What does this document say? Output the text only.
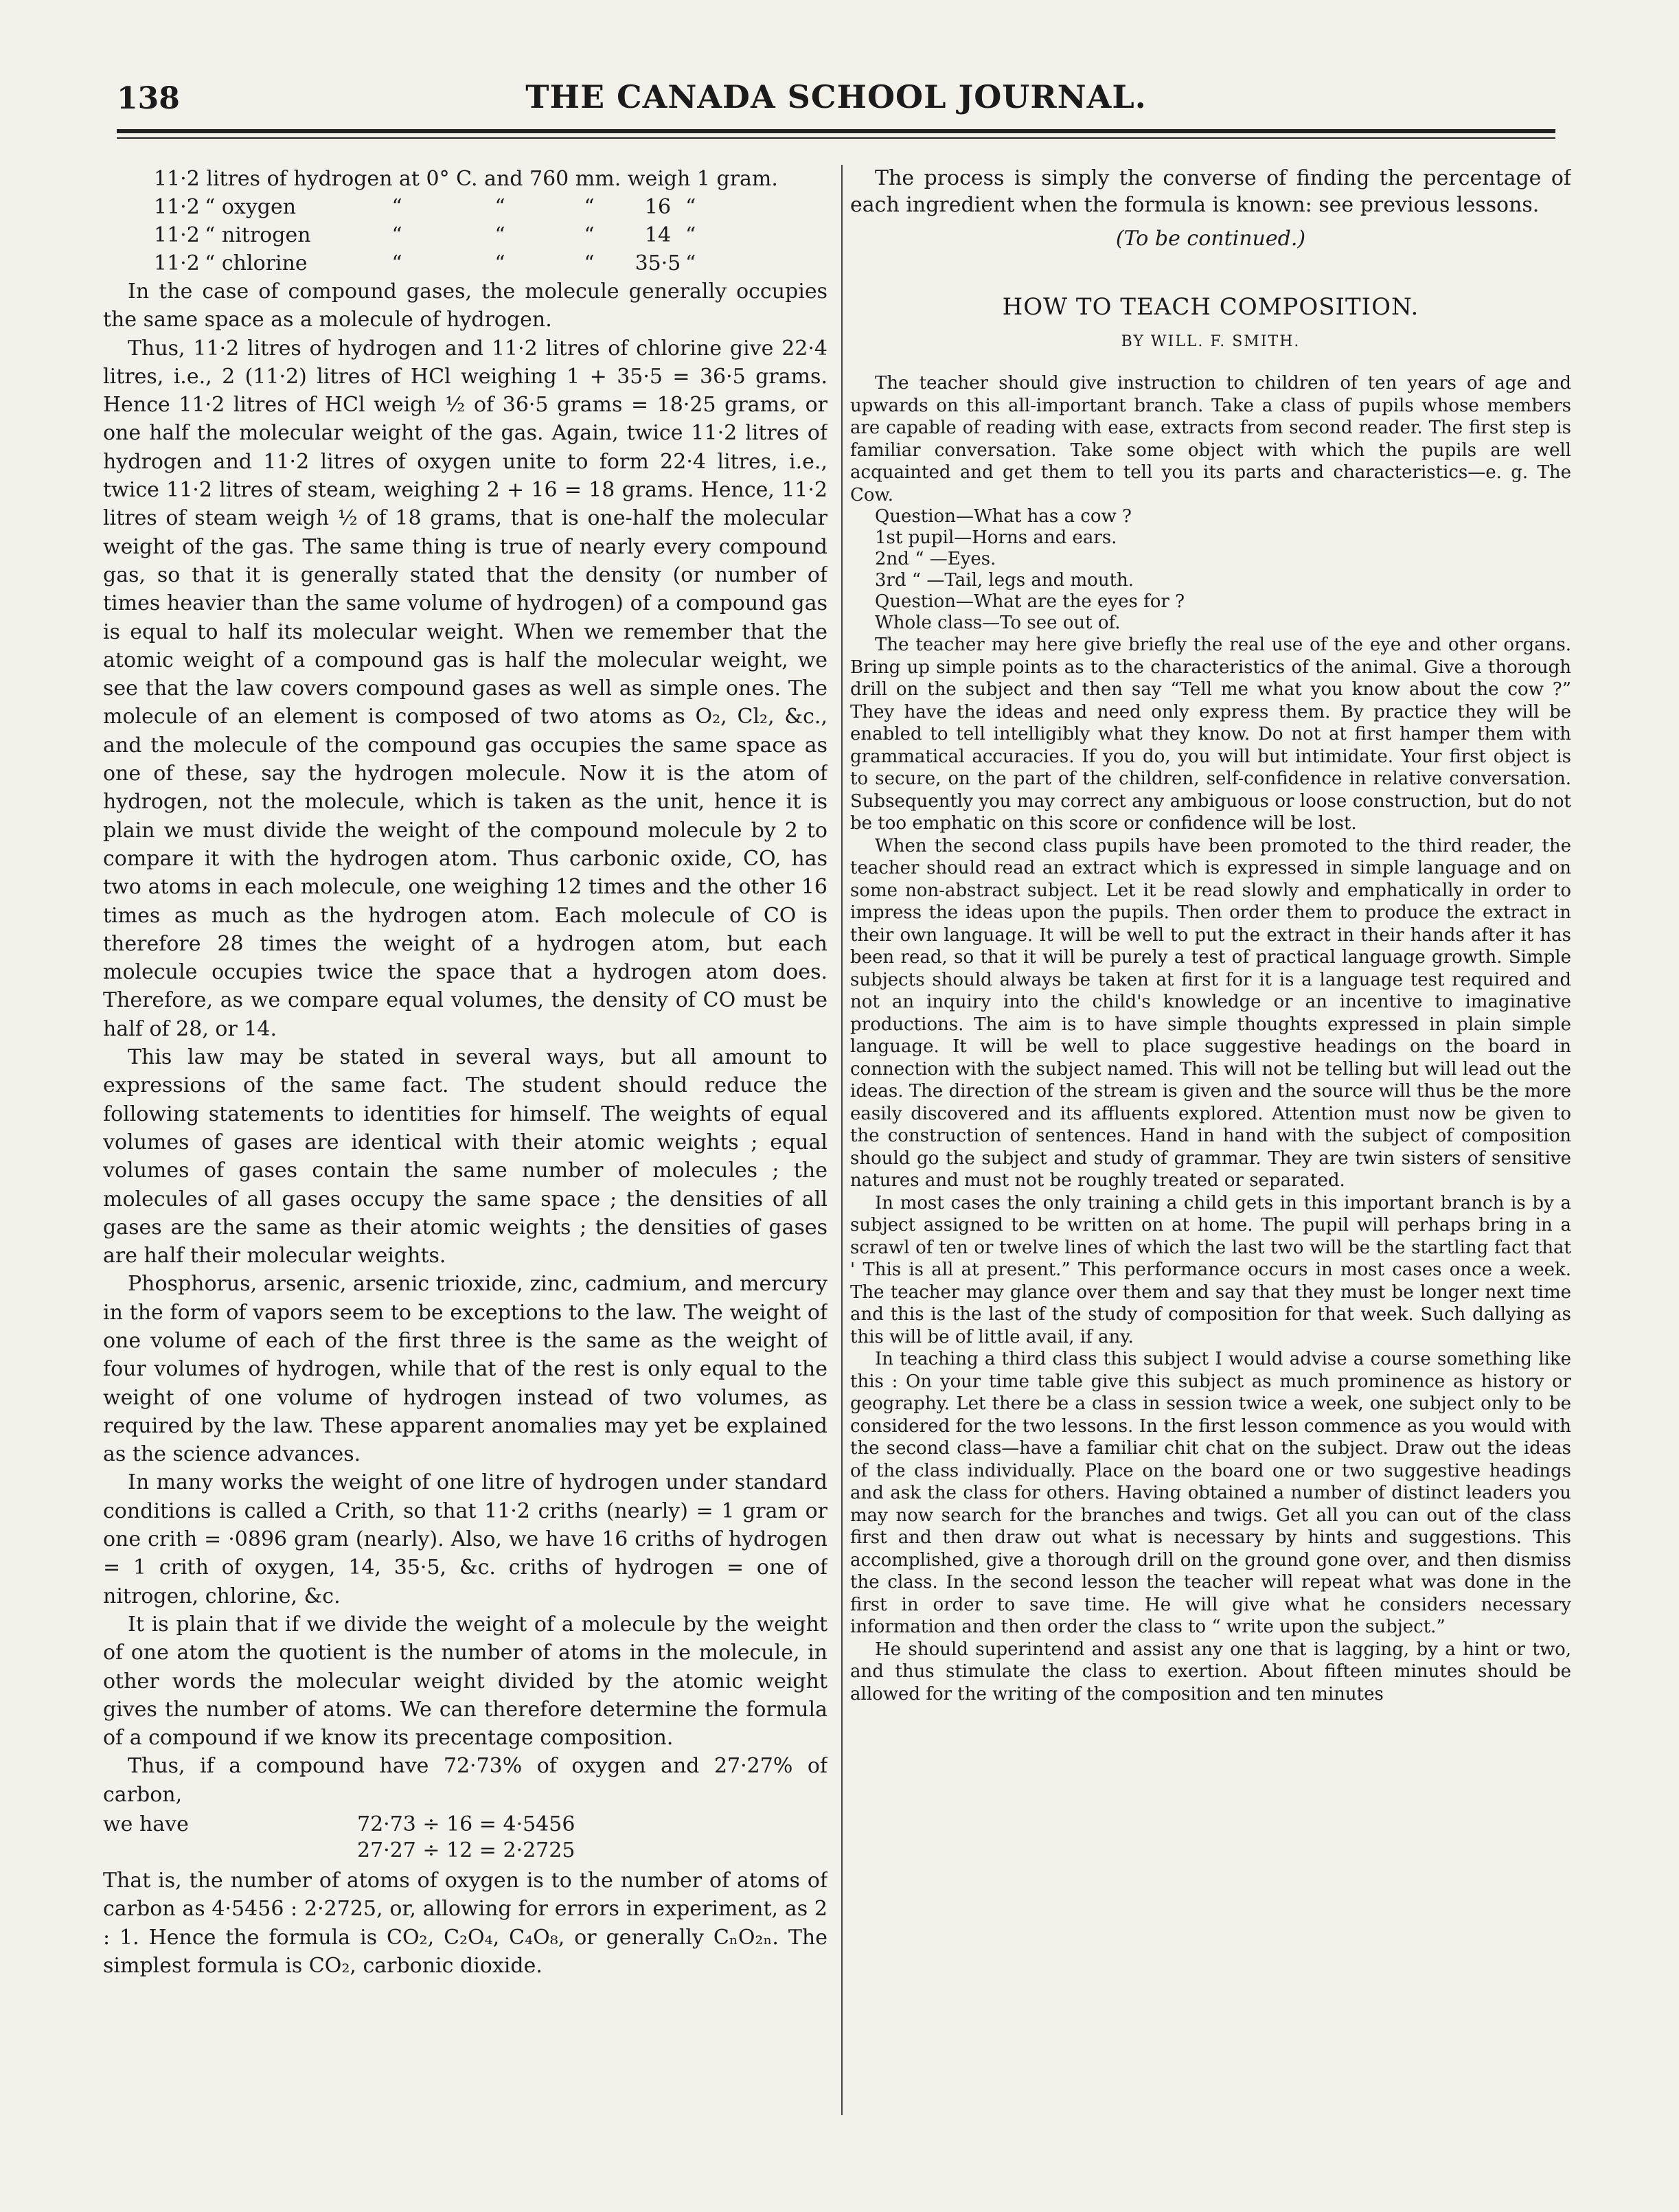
138	THE CANADA SCHOOL JOURNAL.
11·2 litres of hydrogen at 0° C. and 760 mm. weigh 1 gram.						
11·2	“ oxygen	“	“	“	16	“
11·2	“ nitrogen	“	“	“	14	“
11·2	“ chlorine	“	“	“	35·5	“

In the case of compound gases, the molecule generally occupies the same space as a molecule of hydrogen.

Thus, 11·2 litres of hydrogen and 11·2 litres of chlorine give 22·4 litres, i.e., 2 (11·2) litres of HCl weighing 1 + 35·5 = 36·5 grams. Hence 11·2 litres of HCl weigh ½ of 36·5 grams = 18·25 grams, or one half the molecular weight of the gas. Again, twice 11·2 litres of hydrogen and 11·2 litres of oxygen unite to form 22·4 litres, i.e., twice 11·2 litres of steam, weighing 2 + 16 = 18 grams. Hence, 11·2 litres of steam weigh ½ of 18 grams, that is one-half the molecular weight of the gas. The same thing is true of nearly every compound gas, so that it is generally stated that the density (or number of times heavier than the same volume of hydrogen) of a compound gas is equal to half its molecular weight. When we remember that the atomic weight of a compound gas is half the molecular weight, we see that the law covers compound gases as well as simple ones. The molecule of an element is composed of two atoms as O₂, Cl₂, &c., and the molecule of the compound gas occupies the same space as one of these, say the hydrogen molecule. Now it is the atom of hydrogen, not the molecule, which is taken as the unit, hence it is plain we must divide the weight of the compound molecule by 2 to compare it with the hydrogen atom. Thus carbonic oxide, CO, has two atoms in each molecule, one weighing 12 times and the other 16 times as much as the hydrogen atom. Each molecule of CO is therefore 28 times the weight of a hydrogen atom, but each molecule occupies twice the space that a hydrogen atom does. Therefore, as we compare equal volumes, the density of CO must be half of 28, or 14.

This law may be stated in several ways, but all amount to expressions of the same fact. The student should reduce the following statements to identities for himself. The weights of equal volumes of gases are identical with their atomic weights ; equal volumes of gases contain the same number of molecules ; the molecules of all gases occupy the same space ; the densities of all gases are the same as their atomic weights ; the densities of gases are half their molecular weights.

Phosphorus, arsenic, arsenic trioxide, zinc, cadmium, and mercury in the form of vapors seem to be exceptions to the law. The weight of one volume of each of the first three is the same as the weight of four volumes of hydrogen, while that of the rest is only equal to the weight of one volume of hydrogen instead of two volumes, as required by the law. These apparent anomalies may yet be explained as the science advances.

In many works the weight of one litre of hydrogen under standard conditions is called a Crith, so that 11·2 criths (nearly) = 1 gram or one crith = ·0896 gram (nearly). Also, we have 16 criths of hydrogen = 1 crith of oxygen, 14, 35·5, &c. criths of hydrogen = one of nitrogen, chlorine, &c.

It is plain that if we divide the weight of a molecule by the weight of one atom the quotient is the number of atoms in the molecule, in other words the molecular weight divided by the atomic weight gives the number of atoms. We can therefore determine the formula of a compound if we know its precentage composition.

Thus, if a compound have 72·73% of oxygen and 27·27% of carbon,

we have	72·73 ÷ 16 = 4·5456
27·27 ÷ 12 = 2·2725

That is, the number of atoms of oxygen is to the number of atoms of carbon as 4·5456 : 2·2725, or, allowing for errors in experiment, as 2 : 1. Hence the formula is CO₂, C₂O₄, C₄O₈, or generally CₙO₂ₙ. The simplest formula is CO₂, carbonic dioxide.

The process is simply the converse of finding the percentage of each ingredient when the formula is known: see previous lessons.

(To be continued.)
HOW TO TEACH COMPOSITION.
BY WILL. F. SMITH.

The teacher should give instruction to children of ten years of age and upwards on this all-important branch. Take a class of pupils whose members are capable of reading with ease, extracts from second reader. The first step is familiar conversation. Take some object with which the pupils are well acquainted and get them to tell you its parts and characteristics—e. g. The Cow.

Question—What has a cow ?
1st pupil—Horns and ears.
2nd “ —Eyes.
3rd “ —Tail, legs and mouth.
Question—What are the eyes for ?
Whole class—To see out of.

The teacher may here give briefly the real use of the eye and other organs. Bring up simple points as to the characteristics of the animal. Give a thorough drill on the subject and then say “Tell me what you know about the cow ?” They have the ideas and need only express them. By practice they will be enabled to tell intelligibly what they know. Do not at first hamper them with grammatical accuracies. If you do, you will but intimidate. Your first object is to secure, on the part of the children, self-confidence in relative conversation. Subsequently you may correct any ambiguous or loose construction, but do not be too emphatic on this score or confidence will be lost.

When the second class pupils have been promoted to the third reader, the teacher should read an extract which is expressed in simple language and on some non-abstract subject. Let it be read slowly and emphatically in order to impress the ideas upon the pupils. Then order them to produce the extract in their own language. It will be well to put the extract in their hands after it has been read, so that it will be purely a test of practical language growth. Simple subjects should always be taken at first for it is a language test required and not an inquiry into the child's knowledge or an incentive to imaginative productions. The aim is to have simple thoughts expressed in plain simple language. It will be well to place suggestive headings on the board in connection with the subject named. This will not be telling but will lead out the ideas. The direction of the stream is given and the source will thus be the more easily discovered and its affluents explored. Attention must now be given to the construction of sentences. Hand in hand with the subject of composition should go the subject and study of grammar. They are twin sisters of sensitive natures and must not be roughly treated or separated.

In most cases the only training a child gets in this important branch is by a subject assigned to be written on at home. The pupil will perhaps bring in a scrawl of ten or twelve lines of which the last two will be the startling fact that ' This is all at present.” This performance occurs in most cases once a week. The teacher may glance over them and say that they must be longer next time and this is the last of the study of composition for that week. Such dallying as this will be of little avail, if any.

In teaching a third class this subject I would advise a course something like this : On your time table give this subject as much prominence as history or geography. Let there be a class in session twice a week, one subject only to be considered for the two lessons. In the first lesson commence as you would with the second class—have a familiar chit chat on the subject. Draw out the ideas of the class individually. Place on the board one or two suggestive headings and ask the class for others. Having obtained a number of distinct leaders you may now search for the branches and twigs. Get all you can out of the class first and then draw out what is necessary by hints and suggestions. This accomplished, give a thorough drill on the ground gone over, and then dismiss the class. In the second lesson the teacher will repeat what was done in the first in order to save time. He will give what he considers necessary information and then order the class to “ write upon the subject.”

He should superintend and assist any one that is lagging, by a hint or two, and thus stimulate the class to exertion. About fifteen minutes should be allowed for the writing of the composition and ten minutes
